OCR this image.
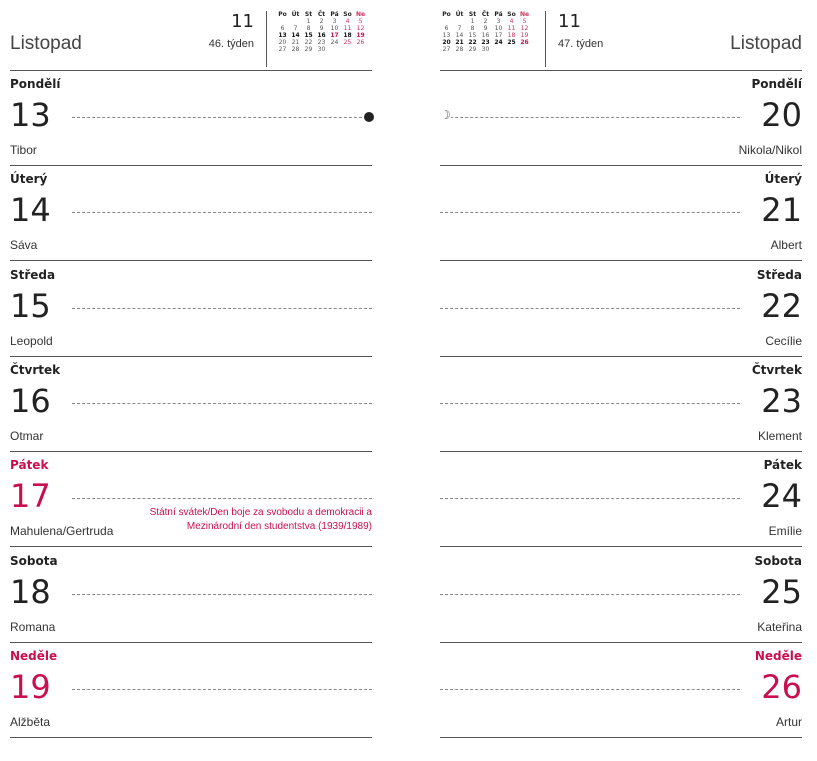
Listopad
11
46. týden
Po	Út	St	Čt	Pá	So	Ne
		1	2	3	4	5
6	7	8	9	10	11	12
13	14	15	16	17	18	19
20	21	22	23	24	25	26
27	28	29	30			
Pondělí
13
Tibor
Úterý
14
Sáva
Středa
15
Leopold
Čtvrtek
16
Otmar
Pátek
17
Mahulena/Gertruda
Státní svátek/Den boje za svobodu a demokracii a Mezinárodní den studentstva (1939/1989)
Sobota
18
Romana
Neděle
19
Alžběta
Listopad
11
47. týden
Po	Út	St	Čt	Pá	So	Ne
		1	2	3	4	5
6	7	8	9	10	11	12
13	14	15	16	17	18	19
20	21	22	23	24	25	26
27	28	29	30			
Pondělí
20
Nikola/Nikol
☽
Úterý
21
Albert
Středa
22
Cecílie
Čtvrtek
23
Klement
Pátek
24
Emílie
Sobota
25
Kateřina
Neděle
26
Artur
